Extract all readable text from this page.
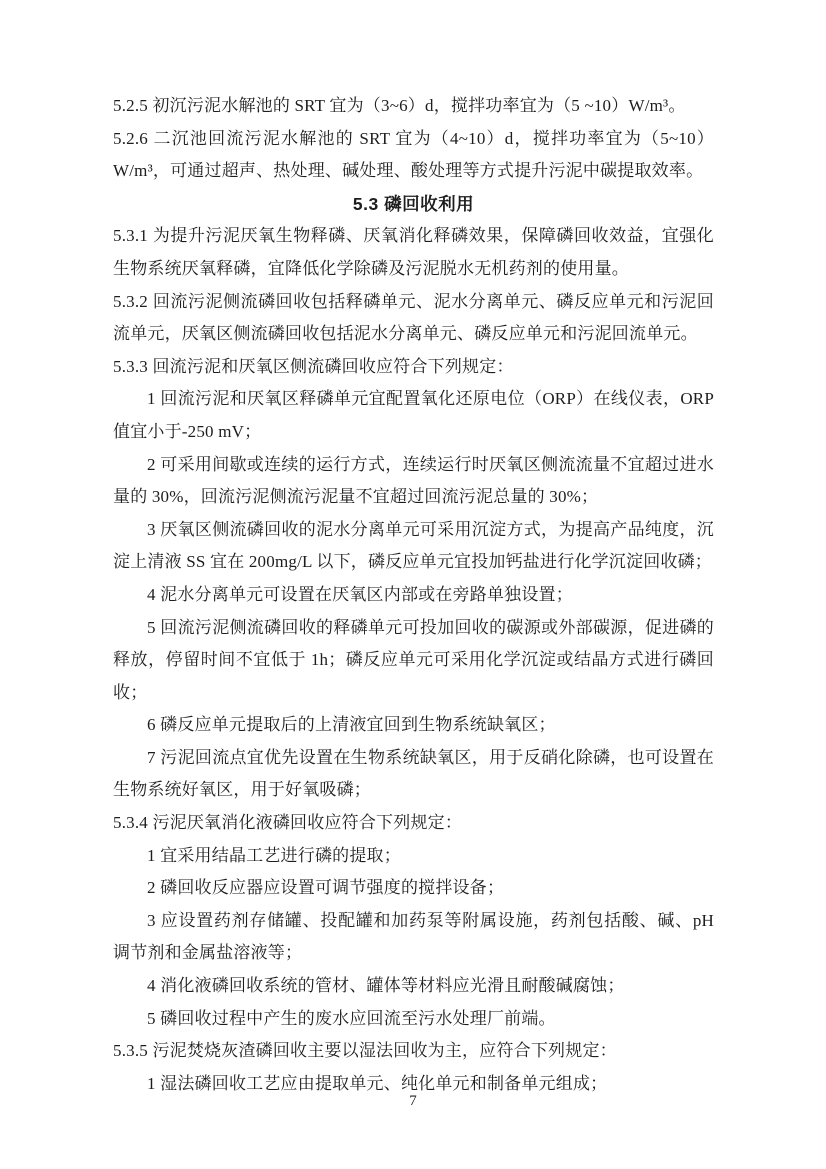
5.2.5 初沉污泥水解池的 SRT 宜为（3~6）d，搅拌功率宜为（5 ~10）W/m³。

5.2.6 二沉池回流污泥水解池的 SRT 宜为（4~10）d，搅拌功率宜为（5~10）W/m³，可通过超声、热处理、碱处理、酸处理等方式提升污泥中碳提取效率。

5.3 磷回收利用

5.3.1 为提升污泥厌氧生物释磷、厌氧消化释磷效果，保障磷回收效益，宜强化生物系统厌氧释磷，宜降低化学除磷及污泥脱水无机药剂的使用量。

5.3.2 回流污泥侧流磷回收包括释磷单元、泥水分离单元、磷反应单元和污泥回流单元，厌氧区侧流磷回收包括泥水分离单元、磷反应单元和污泥回流单元。

5.3.3 回流污泥和厌氧区侧流磷回收应符合下列规定：

1 回流污泥和厌氧区释磷单元宜配置氧化还原电位（ORP）在线仪表，ORP 值宜小于-250 mV；

2 可采用间歇或连续的运行方式，连续运行时厌氧区侧流流量不宜超过进水量的 30%，回流污泥侧流污泥量不宜超过回流污泥总量的 30%；

3 厌氧区侧流磷回收的泥水分离单元可采用沉淀方式，为提高产品纯度，沉淀上清液 SS 宜在 200mg/L 以下，磷反应单元宜投加钙盐进行化学沉淀回收磷；

4 泥水分离单元可设置在厌氧区内部或在旁路单独设置；

5 回流污泥侧流磷回收的释磷单元可投加回收的碳源或外部碳源，促进磷的释放，停留时间不宜低于 1h；磷反应单元可采用化学沉淀或结晶方式进行磷回收；

6 磷反应单元提取后的上清液宜回到生物系统缺氧区；

7 污泥回流点宜优先设置在生物系统缺氧区，用于反硝化除磷，也可设置在生物系统好氧区，用于好氧吸磷；

5.3.4 污泥厌氧消化液磷回收应符合下列规定：

1 宜采用结晶工艺进行磷的提取；

2 磷回收反应器应设置可调节强度的搅拌设备；

3 应设置药剂存储罐、投配罐和加药泵等附属设施，药剂包括酸、碱、pH 调节剂和金属盐溶液等；

4 消化液磷回收系统的管材、罐体等材料应光滑且耐酸碱腐蚀；

5 磷回收过程中产生的废水应回流至污水处理厂前端。

5.3.5 污泥焚烧灰渣磷回收主要以湿法回收为主，应符合下列规定：

1 湿法磷回收工艺应由提取单元、纯化单元和制备单元组成；

7
